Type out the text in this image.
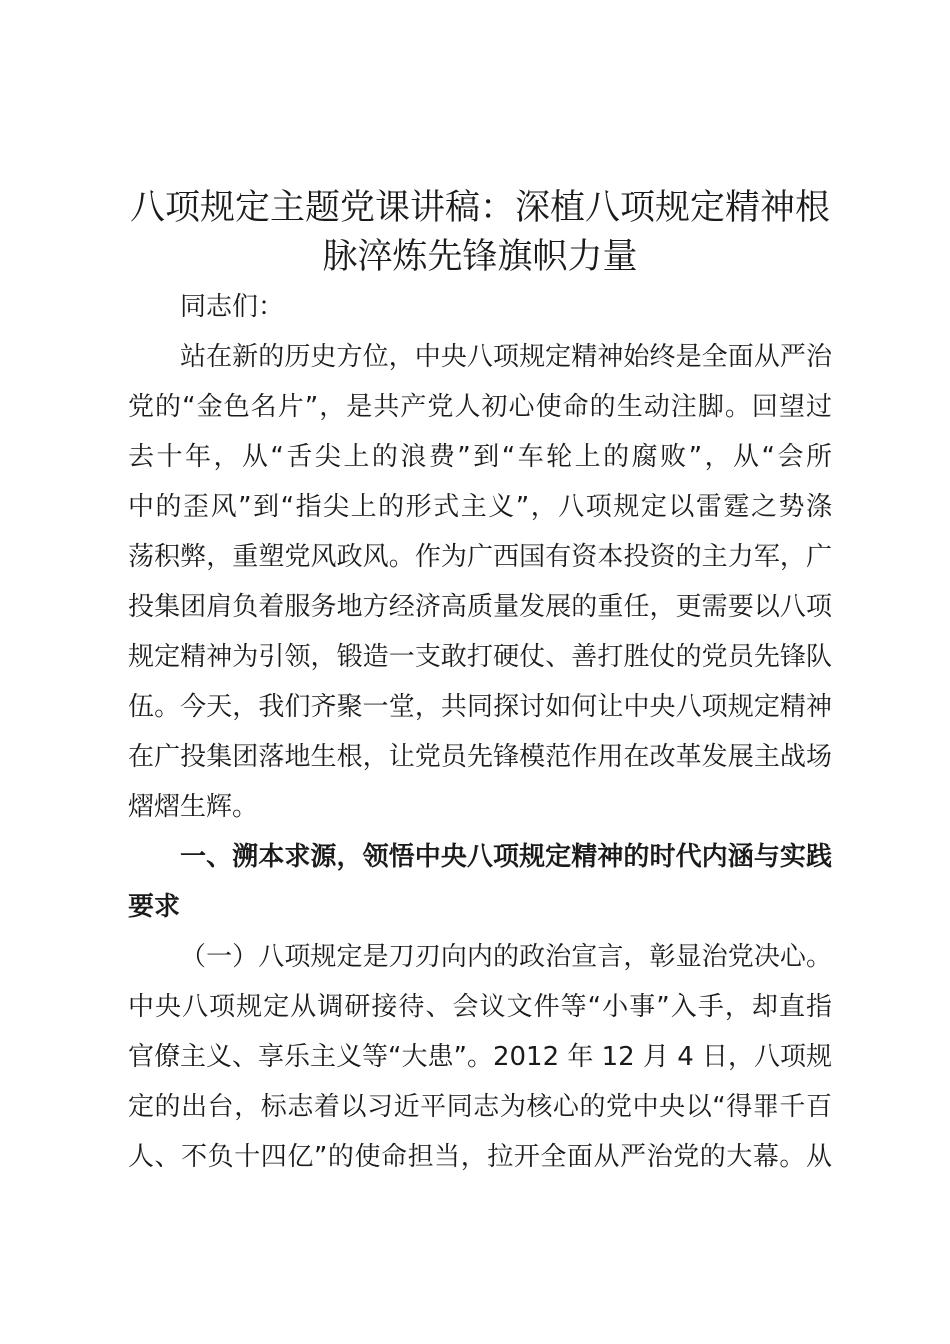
八项规定主题党课讲稿：深植八项规定精神根
脉淬炼先锋旗帜力量
同志们：
站在新的历史方位，中央八项规定精神始终是全面从严治
党的“金色名片”，是共产党人初心使命的生动注脚。回望过
去十年，从“舌尖上的浪费”到“车轮上的腐败”，从“会所
中的歪风”到“指尖上的形式主义”，八项规定以雷霆之势涤
荡积弊，重塑党风政风。作为广西国有资本投资的主力军，广
投集团肩负着服务地方经济高质量发展的重任，更需要以八项
规定精神为引领，锻造一支敢打硬仗、善打胜仗的党员先锋队
伍。今天，我们齐聚一堂，共同探讨如何让中央八项规定精神
在广投集团落地生根，让党员先锋模范作用在改革发展主战场
熠熠生辉。
一、溯本求源，领悟中央八项规定精神的时代内涵与实践
要求
（一）八项规定是刀刃向内的政治宣言，彰显治党决心。
中央八项规定从调研接待、会议文件等“小事”入手，却直指
官僚主义、享乐主义等“大患”。2012 年 12 月 4 日，八项规
定的出台，标志着以习近平同志为核心的党中央以“得罪千百
人、不负十四亿”的使命担当，拉开全面从严治党的大幕。从
